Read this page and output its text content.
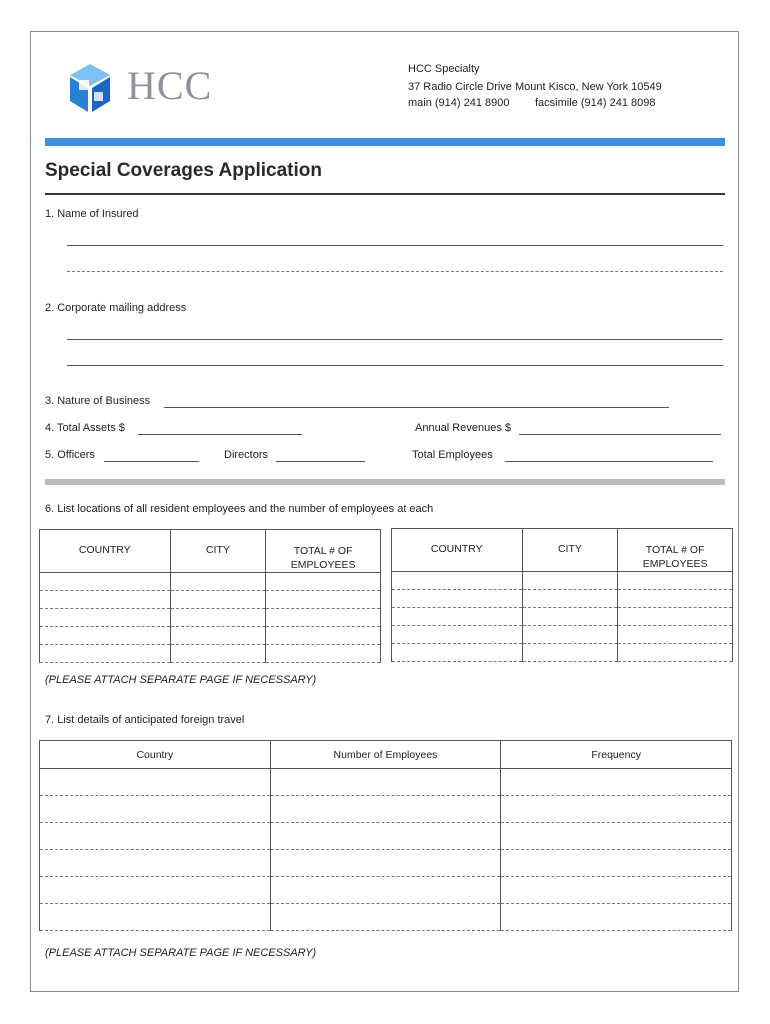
HCC	HCC Specialty
37 Radio Circle Drive Mount Kisco, New York 10549
main (914) 241 8900 facsimile (914) 241 8098
Special Coverages Application
1. Name of Insured
2. Corporate mailing address
3. Nature of Business
4. Total Assets $	Annual Revenues $
5. Officers	Directors	Total Employees
6. List locations of all resident employees and the number of employees at each
COUNTRY	CITY	TOTAL # OF EMPLOYEES

COUNTRY	CITY	TOTAL # OF EMPLOYEES

(PLEASE ATTACH SEPARATE PAGE IF NECESSARY)
7. List details of anticipated foreign travel
Country	Number of Employees	Frequency

(PLEASE ATTACH SEPARATE PAGE IF NECESSARY)
